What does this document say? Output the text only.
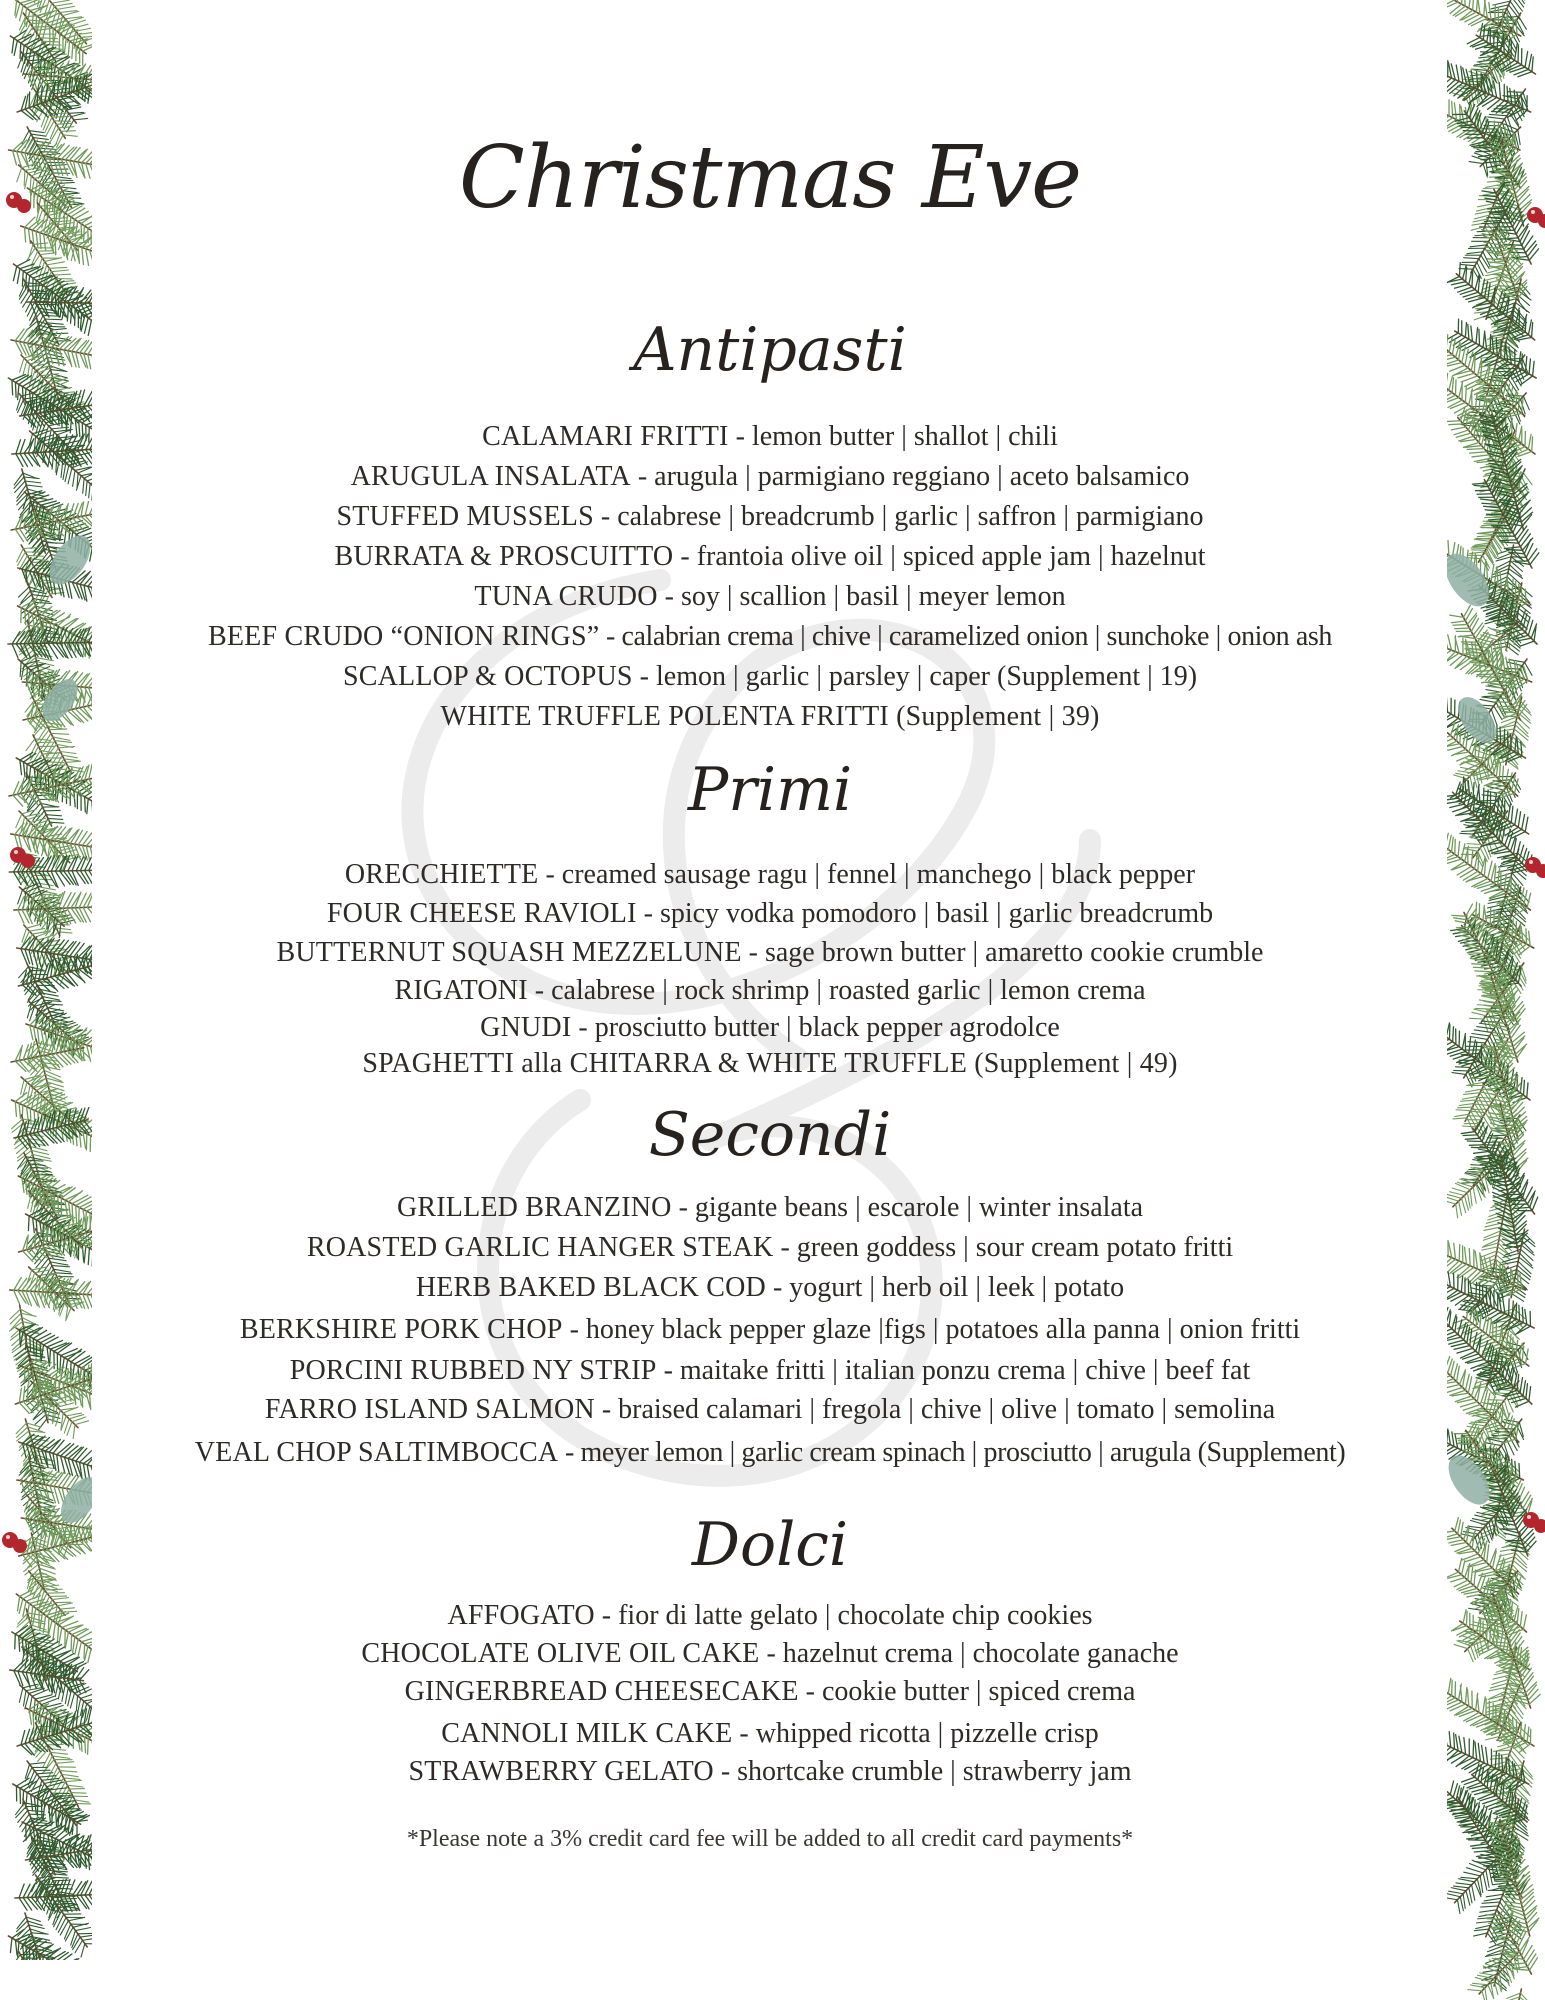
Christmas Eve
Antipasti
CALAMARI FRITTI - lemon butter | shallot | chili
ARUGULA INSALATA - arugula | parmigiano reggiano | aceto balsamico
STUFFED MUSSELS - calabrese | breadcrumb | garlic | saffron | parmigiano
BURRATA & PROSCUITTO - frantoia olive oil | spiced apple jam | hazelnut
TUNA CRUDO - soy | scallion | basil | meyer lemon
BEEF CRUDO “ONION RINGS” - calabrian crema | chive | caramelized onion | sunchoke | onion ash
SCALLOP & OCTOPUS - lemon | garlic | parsley | caper (Supplement | 19)
WHITE TRUFFLE POLENTA FRITTI (Supplement | 39)
Primi
ORECCHIETTE - creamed sausage ragu | fennel | manchego | black pepper
FOUR CHEESE RAVIOLI - spicy vodka pomodoro | basil | garlic breadcrumb
BUTTERNUT SQUASH MEZZELUNE - sage brown butter | amaretto cookie crumble
RIGATONI - calabrese | rock shrimp | roasted garlic | lemon crema
GNUDI - prosciutto butter | black pepper agrodolce
SPAGHETTI alla CHITARRA & WHITE TRUFFLE (Supplement | 49)
Secondi
GRILLED BRANZINO - gigante beans | escarole | winter insalata
ROASTED GARLIC HANGER STEAK - green goddess | sour cream potato fritti
HERB BAKED BLACK COD - yogurt | herb oil | leek | potato
BERKSHIRE PORK CHOP - honey black pepper glaze |figs | potatoes alla panna | onion fritti
PORCINI RUBBED NY STRIP - maitake fritti | italian ponzu crema | chive | beef fat
FARRO ISLAND SALMON - braised calamari | fregola | chive | olive | tomato | semolina
VEAL CHOP SALTIMBOCCA - meyer lemon | garlic cream spinach | prosciutto | arugula (Supplement)
Dolci
AFFOGATO - fior di latte gelato | chocolate chip cookies
CHOCOLATE OLIVE OIL CAKE - hazelnut crema | chocolate ganache
GINGERBREAD CHEESECAKE - cookie butter | spiced crema
CANNOLI MILK CAKE - whipped ricotta | pizzelle crisp
STRAWBERRY GELATO - shortcake crumble | strawberry jam
*Please note a 3% credit card fee will be added to all credit card payments*
